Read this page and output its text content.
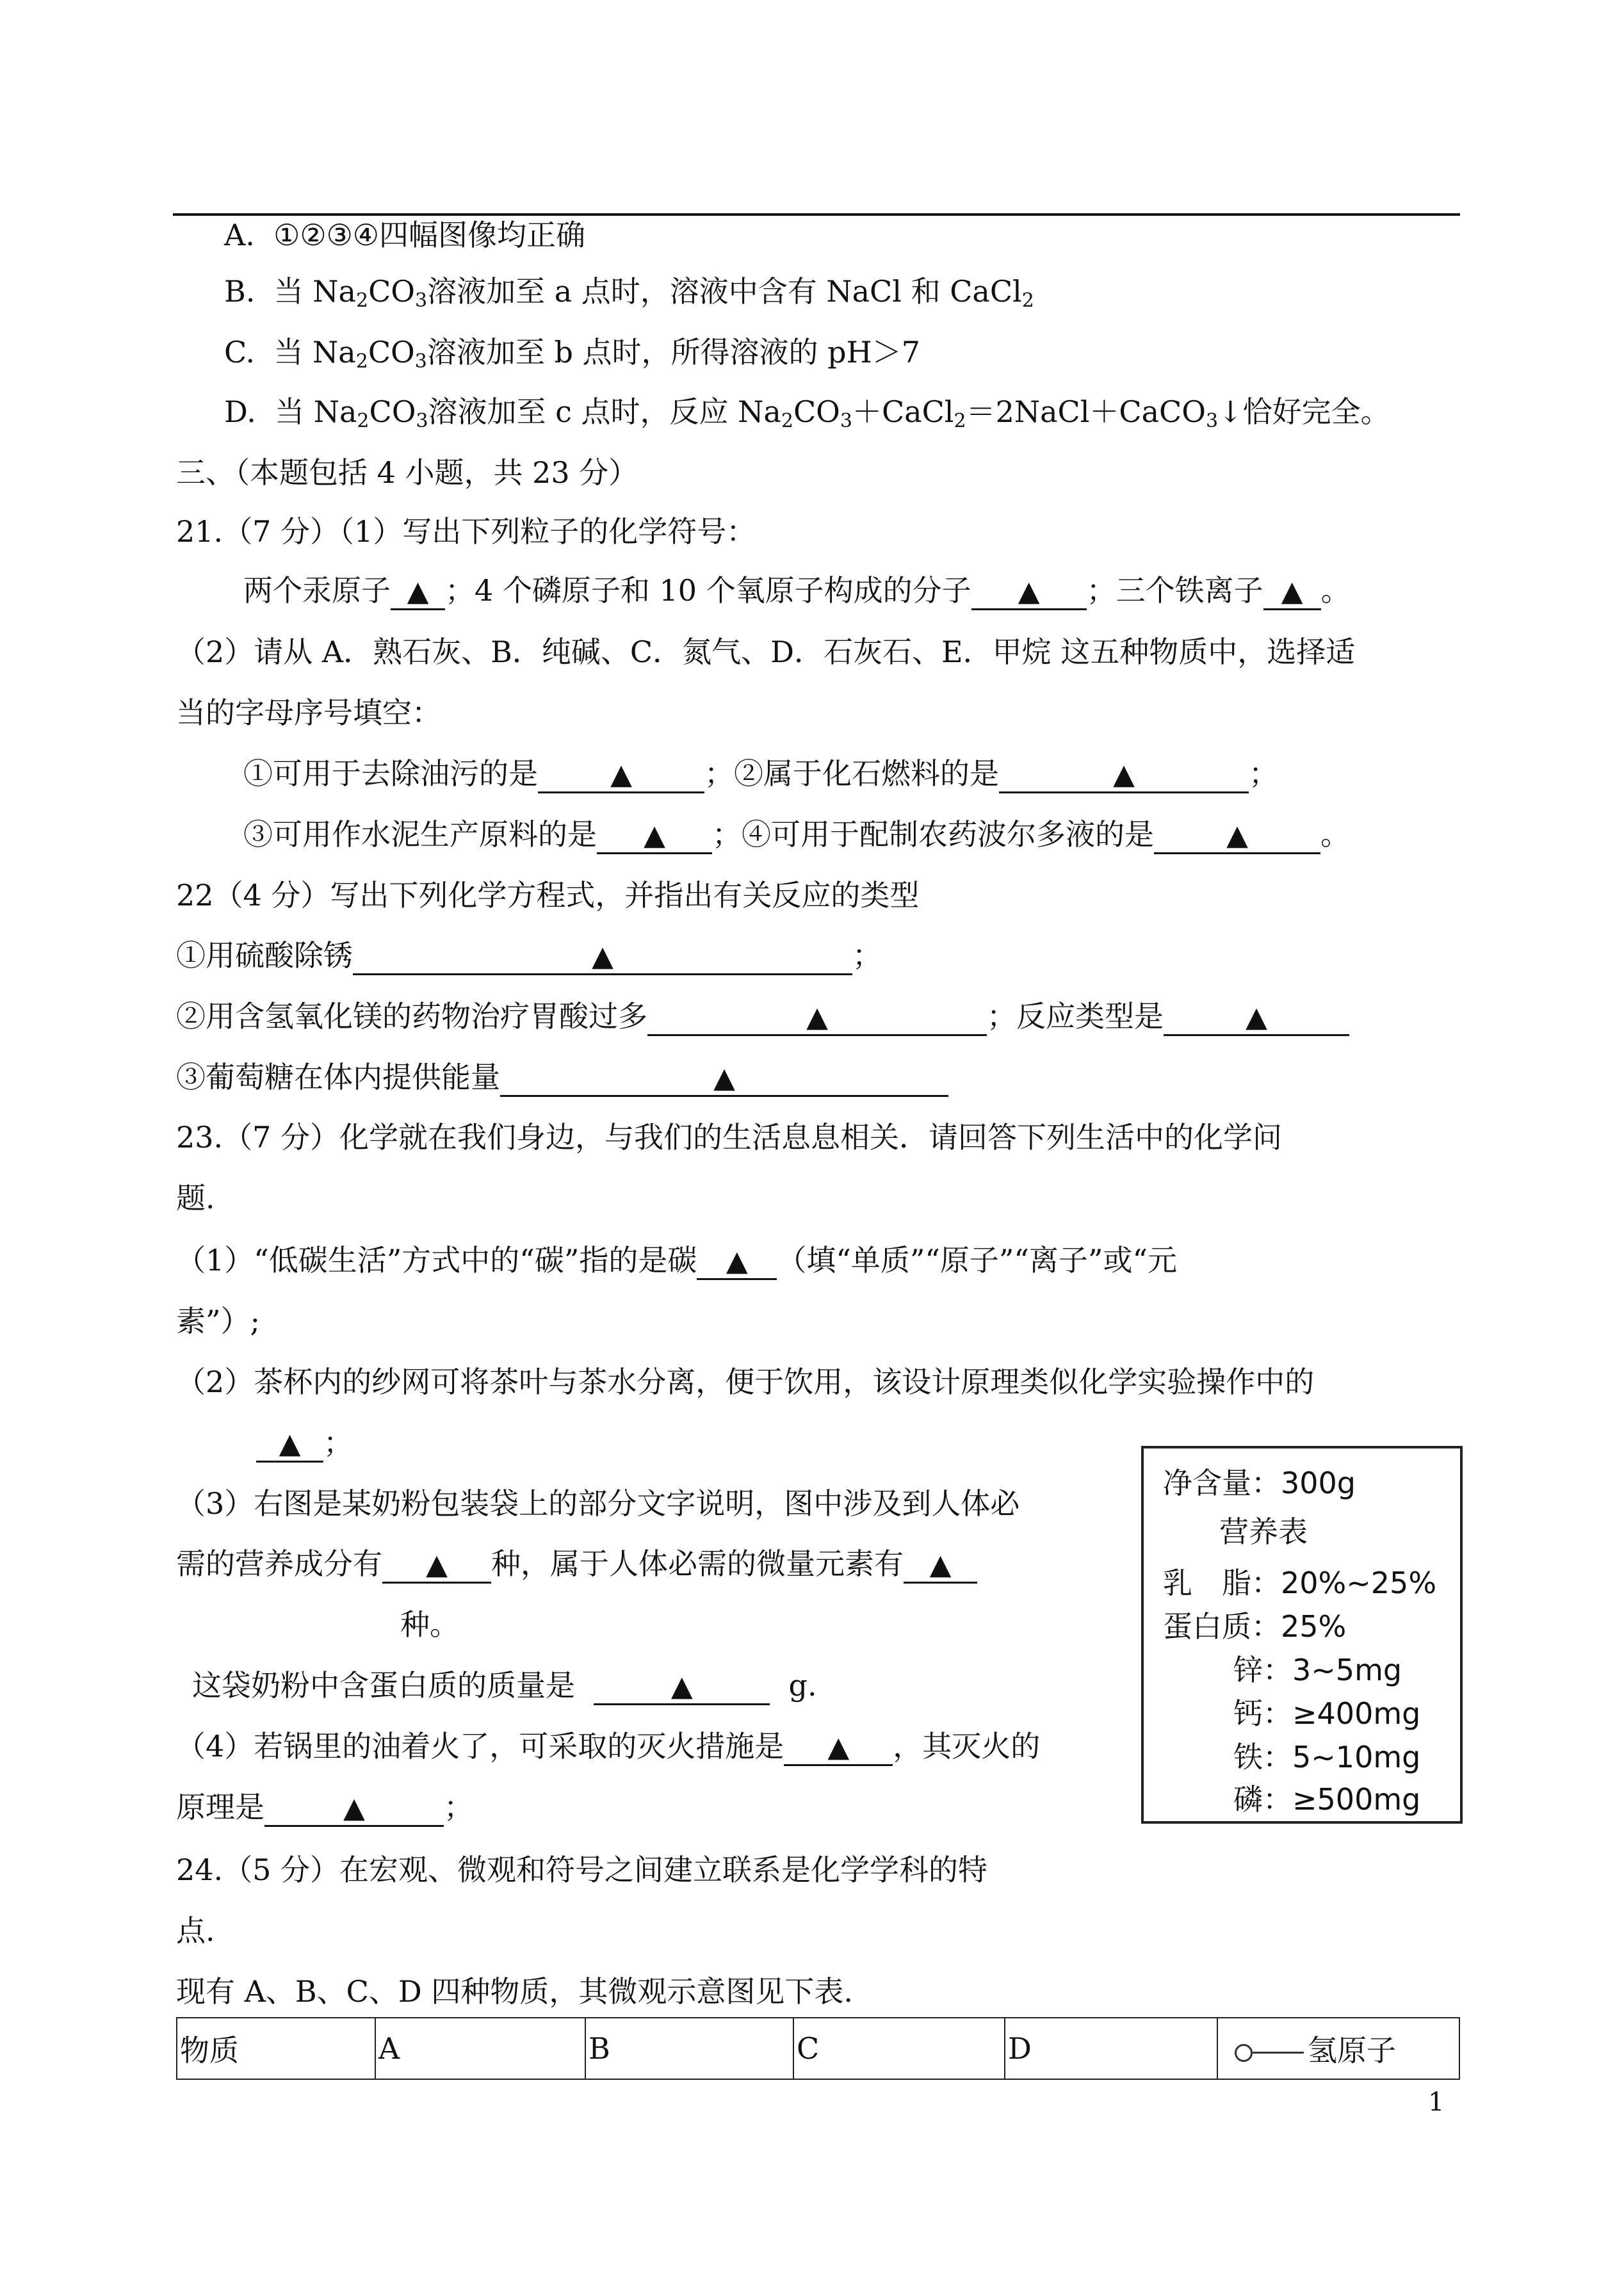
A. ①②③④四幅图像均正确
B. 当 $Na_2CO_3$溶液加至 a 点时，溶液中含有 NaCl 和 CaCl$_2$
C. 当 $Na_2CO_3$溶液加至 b 点时，所得溶液的 pH＞7
D. 当 $Na_2CO_3$溶液加至 c 点时，反应 $Na_2CO_3+CaCl_2=2NaCl+CaCO_3↓$恰好完全。
三、（本题包括 4 小题，共 23 分）
21.（7 分）（1）写出下列粒子的化学符号：
两个汞原子 ▲ ；4 个磷原子和 10 个氧原子构成的分子 ▲ ；三个铁离子 ▲ 。
（2）请从 A．熟石灰、B．纯碱、C．氮气、D．石灰石、E．甲烷 这五种物质中，选择适
当的字母序号填空：
①可用于去除油污的是	▲ ；②属于化石燃料的是	▲	；
③可用作水泥生产原料的是 ▲ ；④可用于配制农药波尔多液的是	▲ 。
22（4 分）写出下列化学方程式，并指出有关反应的类型
①用硫酸除锈	▲	；
②用含氢氧化镁的药物治疗胃酸过多	▲	；反应类型是	▲
③葡萄糖在体内提供能量	▲
23.（7 分）化学就在我们身边，与我们的生活息息相关．请回答下列生活中的化学问
题.
（1）“低碳生活”方式中的“碳”指的是碳 ▲ （填“单质”“原子”“离子”或“元
素”）;
（2）茶杯内的纱网可将茶叶与茶水分离，便于饮用，该设计原理类似化学实验操作中的
▲ ；
（3）右图是某奶粉包装袋上的部分文字说明，图中涉及到人体必
需的营养成分有 ▲ 种，属于人体必需的微量元素有 ▲
种。
这袋奶粉中含蛋白质的质量是	▲	g.
（4）若锅里的油着火了，可采取的灭火措施是 ▲ ，其灭火的
原理是	▲	；
净含量：300g
营养表
乳　脂：20%~25%
蛋白质：25%
锌：3~5mg
钙：≥400mg
铁：5~10mg
磷：≥500mg
24.（5 分）在宏观、微观和符号之间建立联系是化学学科的特
点.
现有 A、B、C、D 四种物质，其微观示意图见下表.
物质	A	B	C	D	氢原子
1
